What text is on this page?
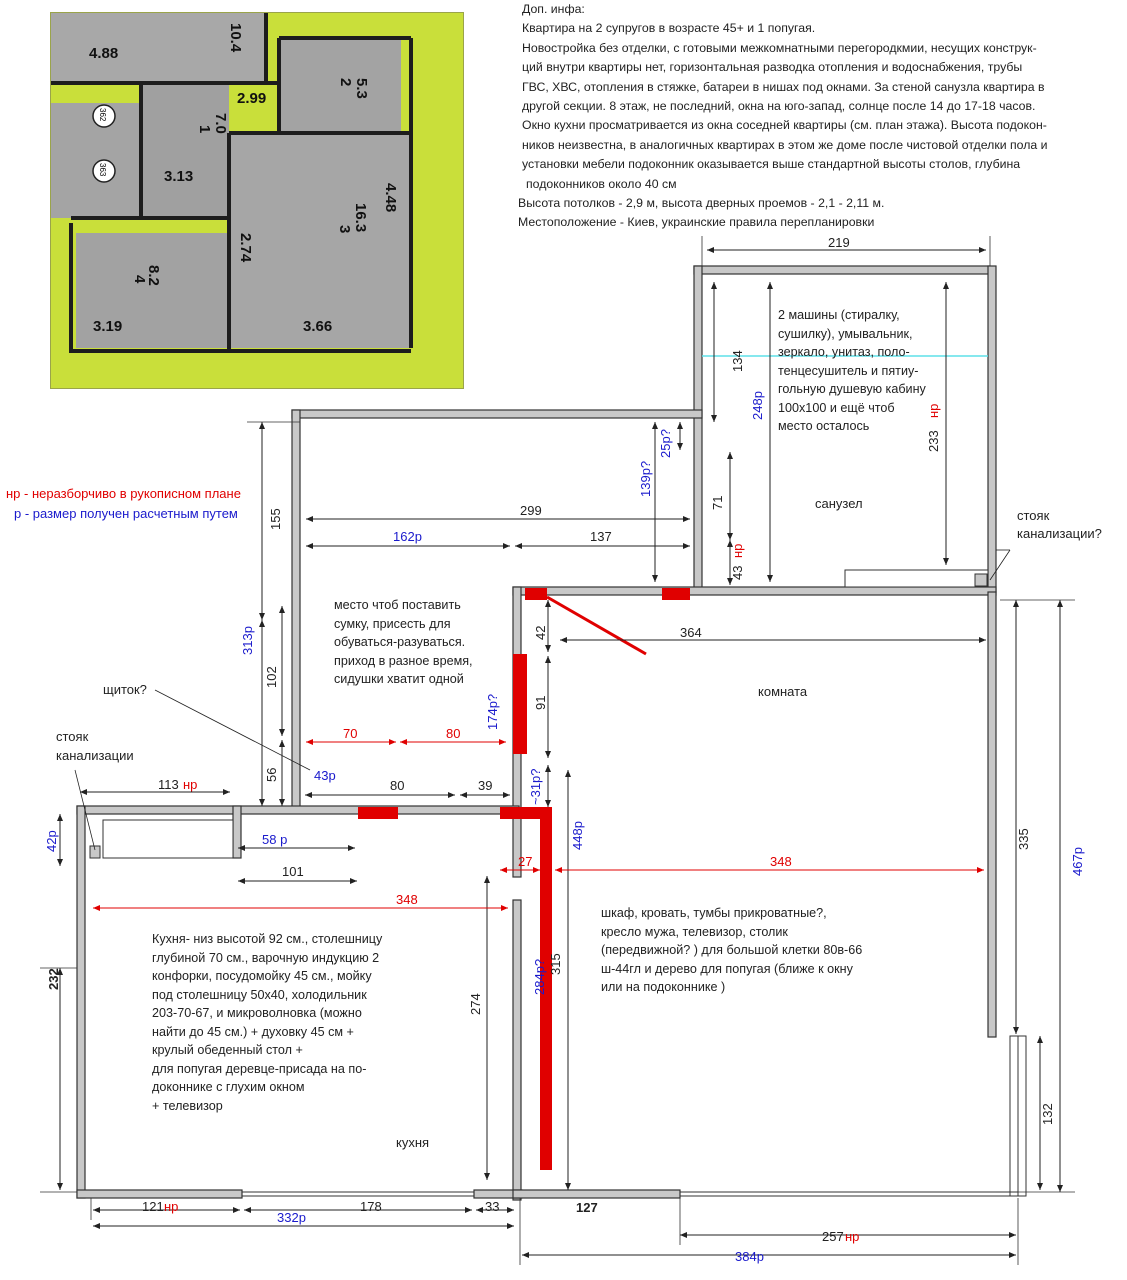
4.88
10.4
5.3
2
2.99
7.0
1
3.13
4.48
16.3
3
2.74
8.2
4
3.19	3.66
362
363

Доп. инфа:

Квартира на 2 супругов в возрасте 45+ и 1 попугая.

Новостройка без отделки, с готовыми межкомнатными перегородкмии, несущих конструк-

ций внутри квартиры нет, горизонтальная разводка отопления и водоснабжения, трубы

ГВС, ХВС, отопления в стяжке, батареи в нишах под окнами. За стеной санузла квартира в

другой секции. 8 этаж, не последний, окна на юго-запад, солнце после 14 до 17-18 часов.

Окно кухни просматривается из окна соседней квартиры (см. план этажа). Высота подокон-

ников неизвестна, в аналогичных квартирах в этом же доме после чистовой отделки пола и

установки мебели подоконник оказывается выше стандартной высоты столов, глубина

подоконников около 40 см

Высота потолков - 2,9 м, высота дверных проемов - 2,1 - 2,11 м.

Местоположение - Киев, украинские правила перепланировки

нр - неразборчиво в рукописном плане
р - размер получен расчетным путем
219
134
248р
233
нр
25р?
139р?
71
43
нр
155
313р
299
162р	137
42	364
102
91
174р?
70	80
43р
56
113 нр	80	39	~31р?
42р	58 р
101
27
348
448р
348
335
467р
232
274
284р? 315
132
121 нр	178	33	127
332р
257 нр
384р
санузел
комната
кухня
щиток?
стояк
канализации
стояк
канализации?
2 машины (стиралку,
сушилку), умывальник,
зеркало, унитаз, поло-
тенцесушитель и пятиу-
гольную душевую кабину
100х100 и ещё чтоб
место осталось
место чтоб поставить
сумку, присесть для
обуваться-разуваться.
приход в разное время,
сидушки хватит одной
шкаф, кровать, тумбы прикроватные?,
кресло мужа, телевизор, столик
(передвижной? ) для большой клетки 80в-66
ш-44гл и дерево для попугая (ближе к окну
или на подоконнике )
Кухня- низ высотой 92 см., столешницу
глубиной 70 см., варочную индукцию 2
конфорки, посудомойку 45 см., мойку
под столешницу 50х40, холодильник
203-70-67, и микроволновка (можно
найти до 45 см.) + духовку 45 см +
крулый обеденный стол +
для попугая деревце-присада на по-
доконнике с глухим окном
+ телевизор
